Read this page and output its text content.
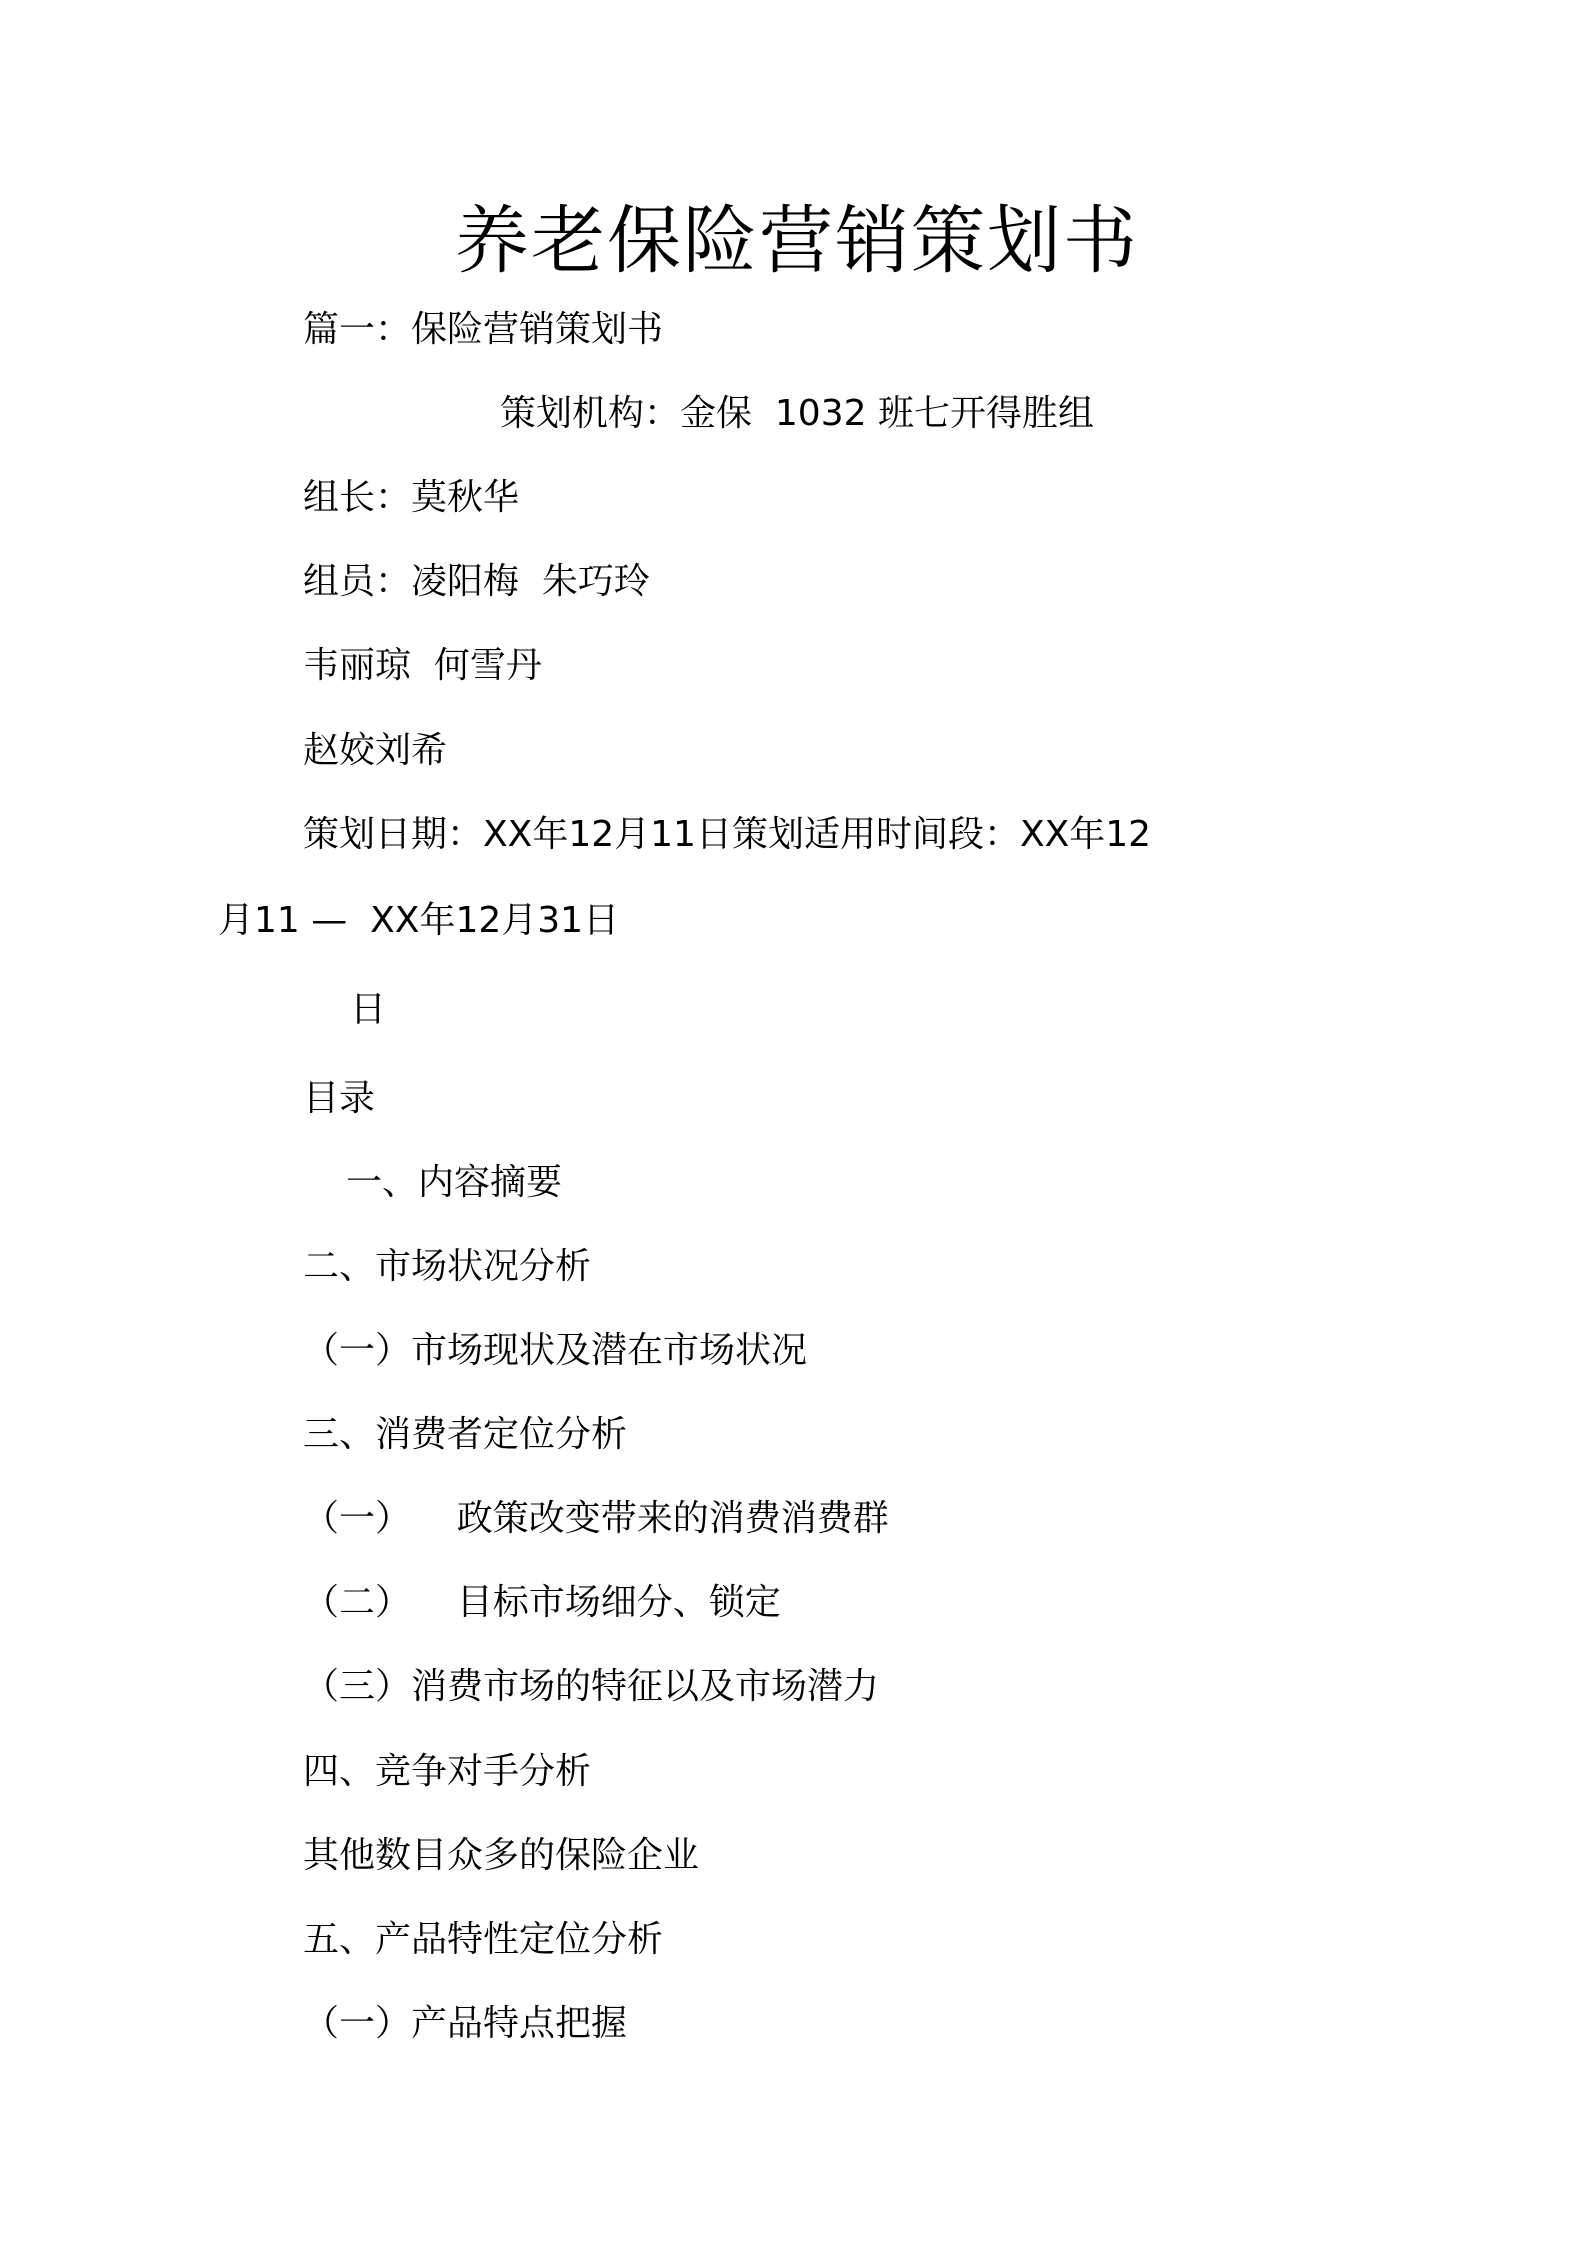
养老保险营销策划书
篇一：保险营销策划书
策划机构：金保  1032 班七开得胜组
组长：莫秋华
组员：凌阳梅  朱巧玲
韦丽琼  何雪丹
赵姣刘希
策划日期：XX年12月11日策划适用时间段：XX年12
月11 —  XX年12月31日
日
目录
一、内容摘要
二、市场状况分析
（一）市场现状及潜在市场状况
三、消费者定位分析
（一）    政策改变带来的消费消费群
（二）    目标市场细分、锁定
（三）消费市场的特征以及市场潜力
四、竞争对手分析
其他数目众多的保险企业
五、产品特性定位分析
（一）产品特点把握
